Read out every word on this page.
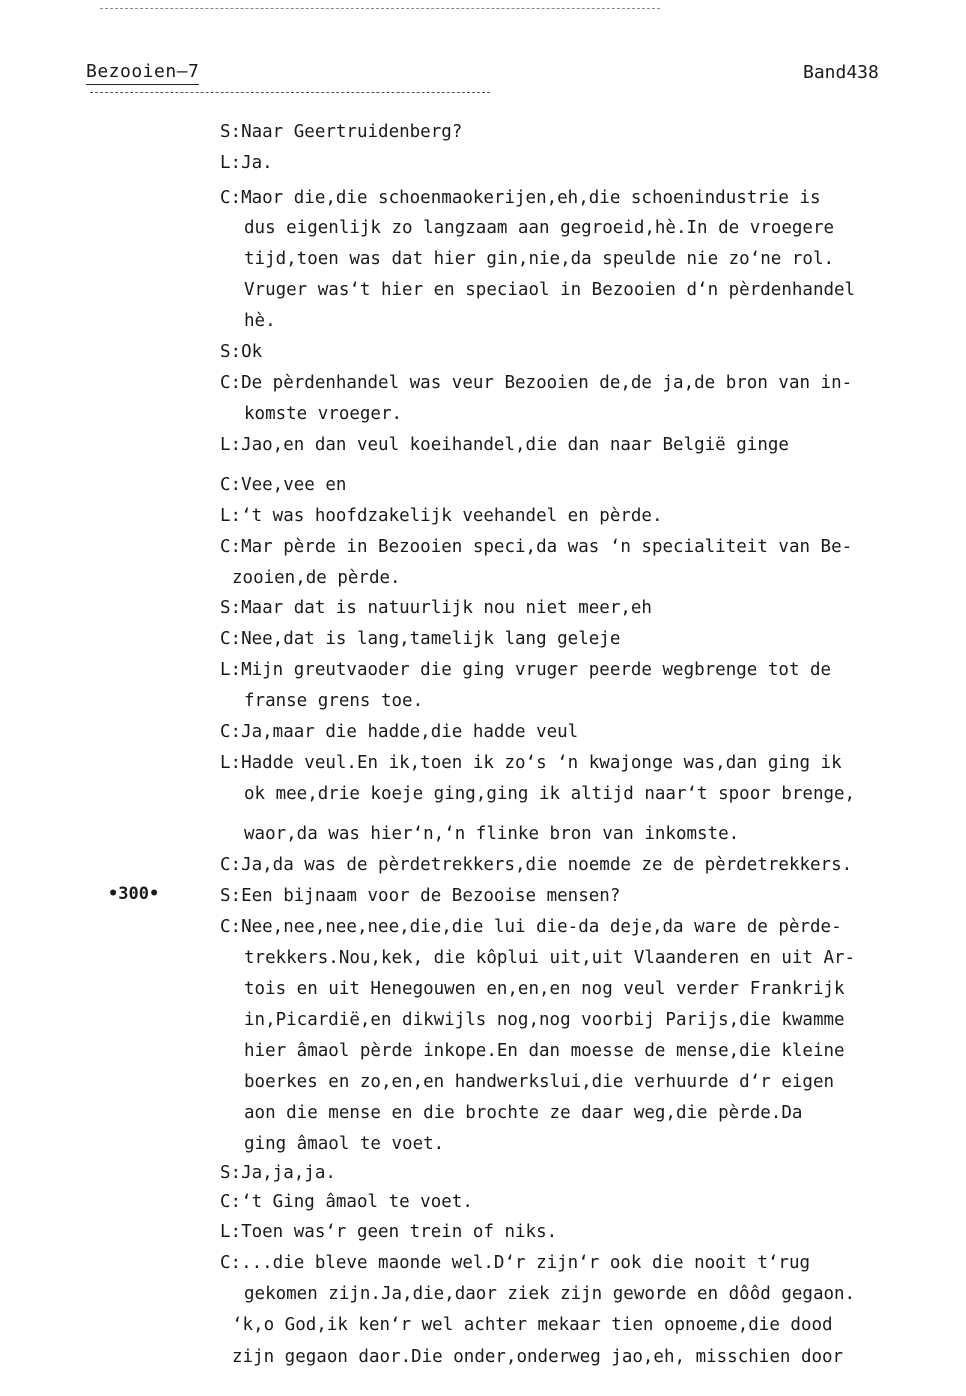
Bezooien–7	Band438
•300•
S:Naar Geertruidenberg?
L:Ja.
C:Maor die,die schoenmaokerijen,eh,die schoenindustrie is
dus eigenlijk zo langzaam aan gegroeid,hè.In de vroegere
tijd,toen was dat hier gin,nie,da speulde nie zo‘ne rol.
Vruger was‘t hier en speciaol in Bezooien d‘n pèrdenhandel
hè.
S:Ok
C:De pèrdenhandel was veur Bezooien de,de ja,de bron van in-
komste vroeger.
L:Jao,en dan veul koeihandel,die dan naar België ginge
C:Vee,vee en
L:‘t was hoofdzakelijk veehandel en pèrde.
C:Mar pèrde in Bezooien speci,da was ‘n specialiteit van Be-
zooien,de pèrde.
S:Maar dat is natuurlijk nou niet meer,eh
C:Nee,dat is lang,tamelijk lang geleje
L:Mijn greutvaoder die ging vruger peerde wegbrenge tot de
franse grens toe.
C:Ja,maar die hadde,die hadde veul
L:Hadde veul.En ik,toen ik zo‘s ‘n kwajonge was,dan ging ik
ok mee,drie koeje ging,ging ik altijd naar‘t spoor brenge,
waor,da was hier‘n,‘n flinke bron van inkomste.
C:Ja,da was de pèrdetrekkers,die noemde ze de pèrdetrekkers.
S:Een bijnaam voor de Bezooise mensen?
C:Nee,nee,nee,nee,die,die lui die-da deje,da ware de pèrde-
trekkers.Nou,kek, die kôplui uit,uit Vlaanderen en uit Ar-
tois en uit Henegouwen en,en,en nog veul verder Frankrijk
in,Picardië,en dikwijls nog,nog voorbij Parijs,die kwamme
hier âmaol pèrde inkope.En dan moesse de mense,die kleine
boerkes en zo,en,en handwerkslui,die verhuurde d‘r eigen
aon die mense en die brochte ze daar weg,die pèrde.Da
ging âmaol te voet.
S:Ja,ja,ja.
C:‘t Ging âmaol te voet.
L:Toen was‘r geen trein of niks.
C:...die bleve maonde wel.D‘r zijn‘r ook die nooit t‘rug
gekomen zijn.Ja,die,daor ziek zijn geworde en dôôd gegaon.
‘k,o God,ik ken‘r wel achter mekaar tien opnoeme,die dood
zijn gegaon daor.Die onder,onderweg jao,eh, misschien door
